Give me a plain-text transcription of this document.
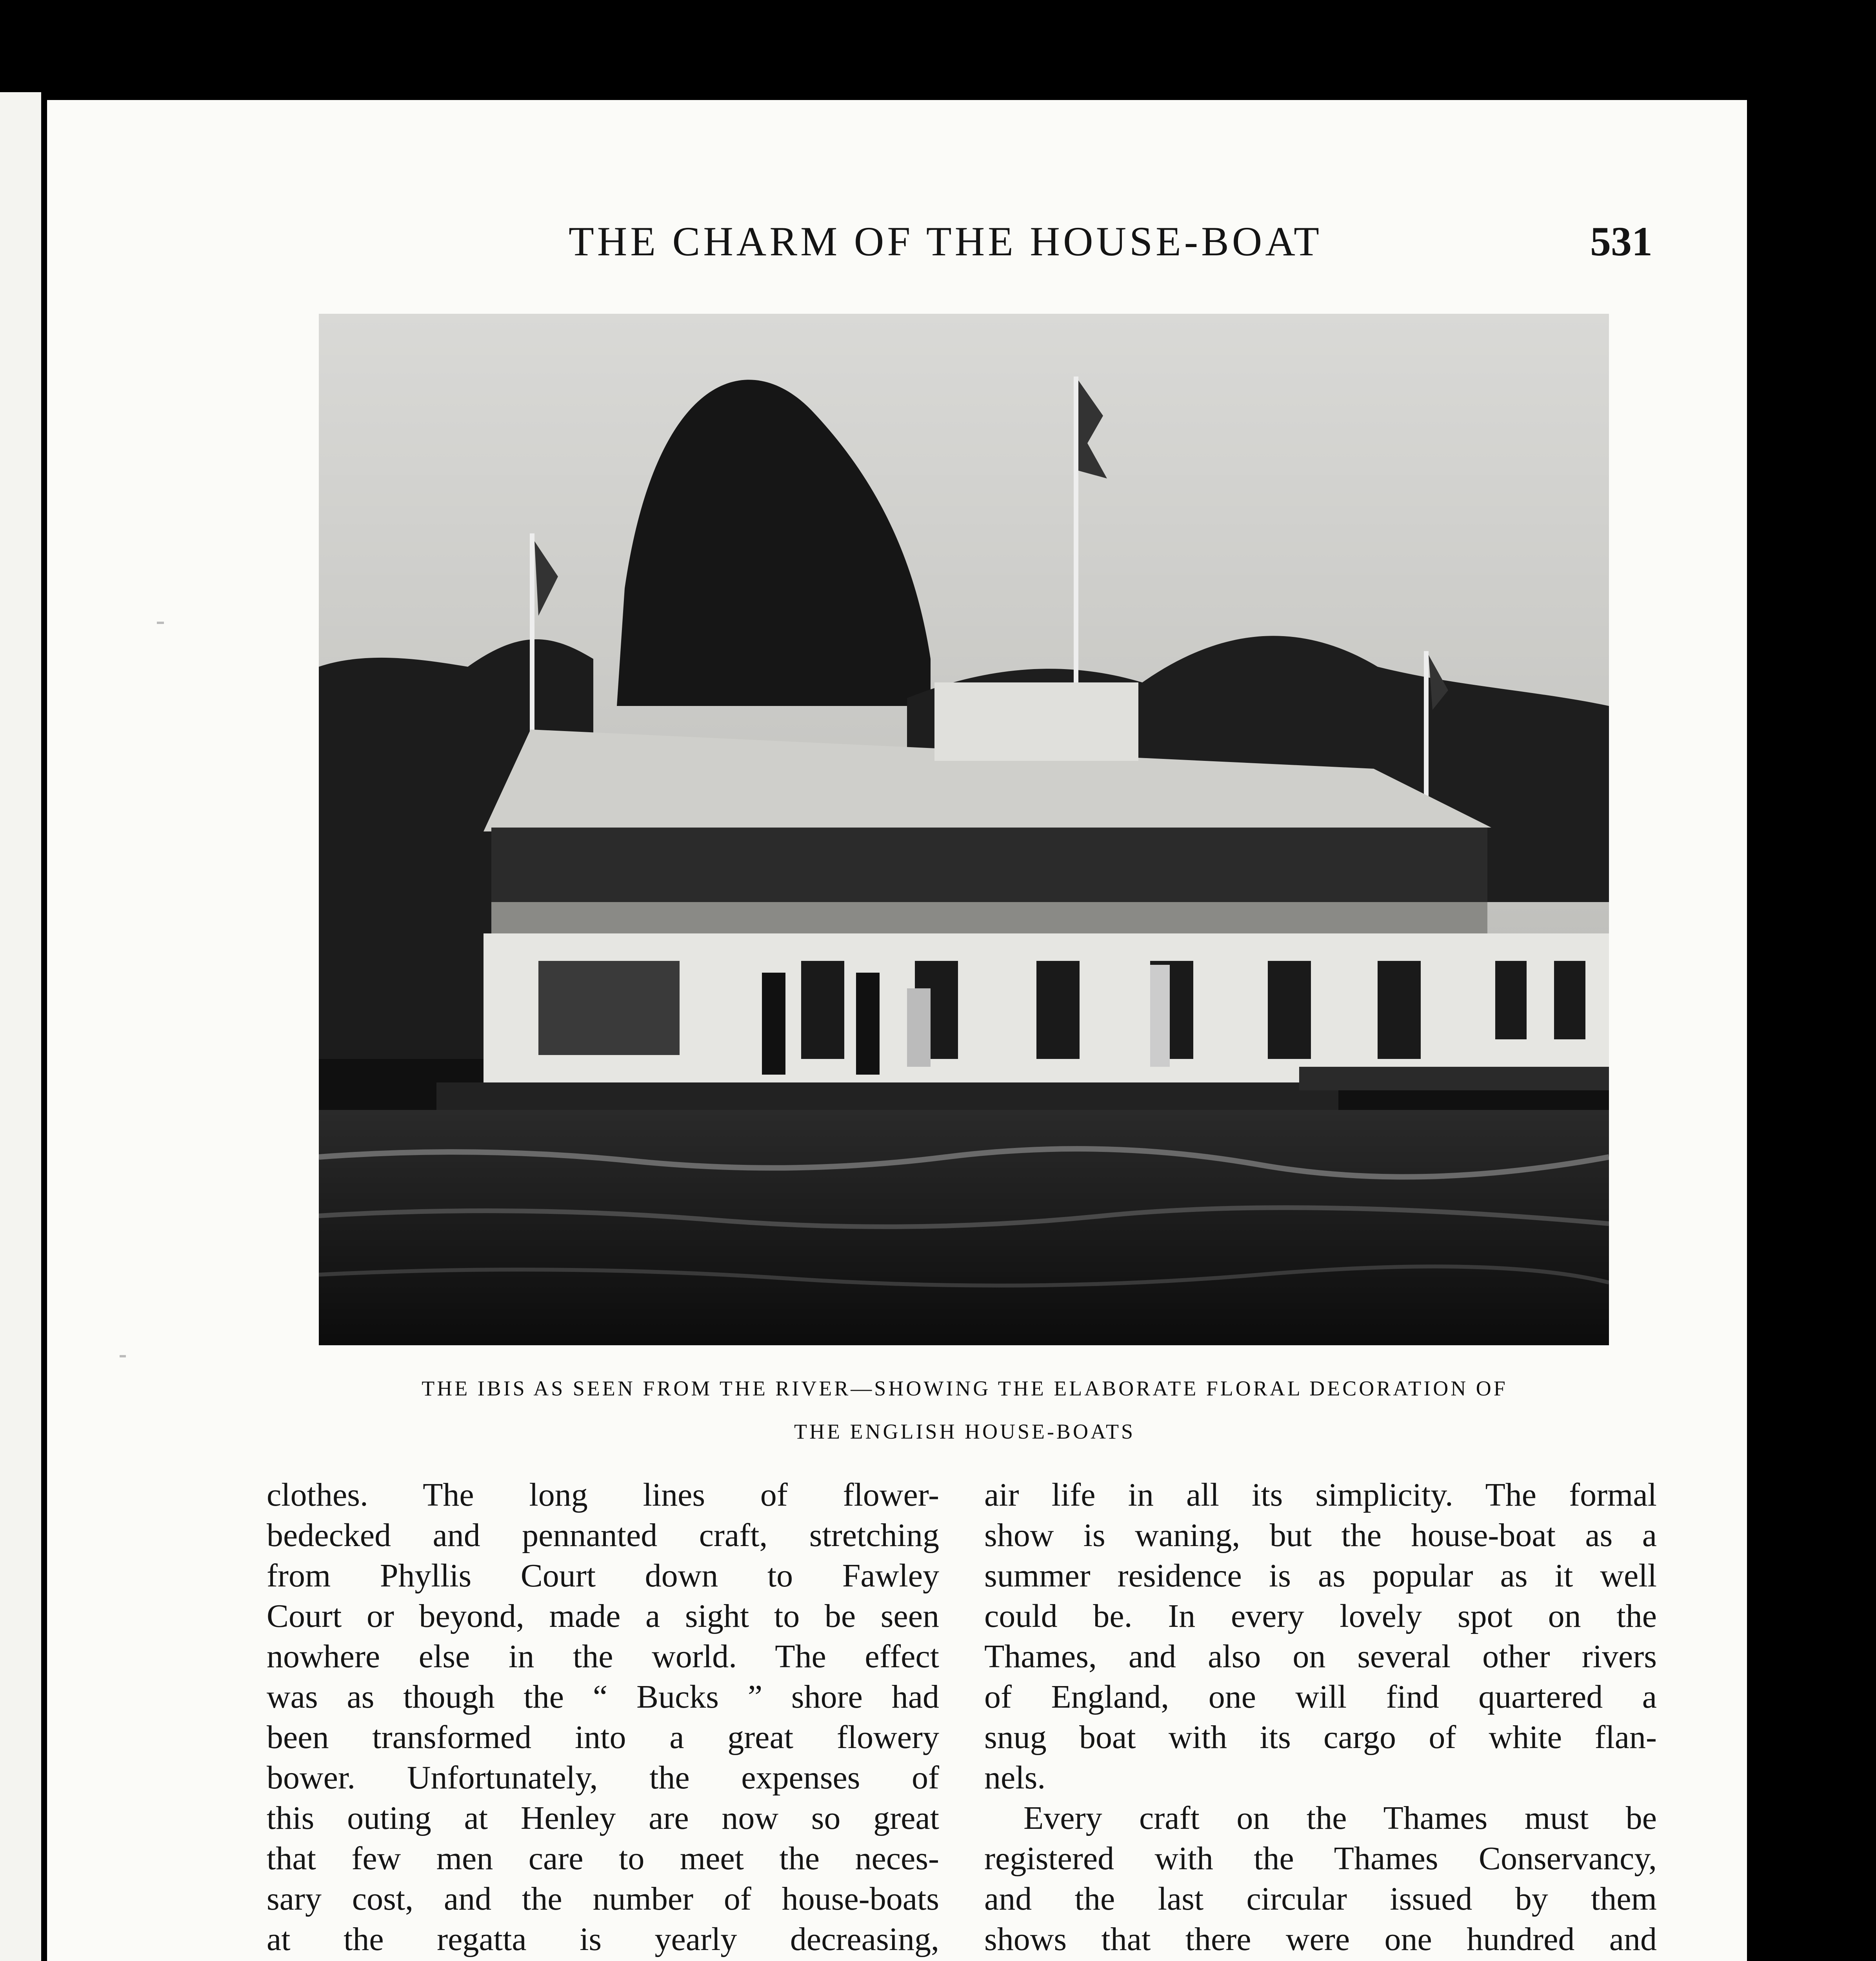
THE CHARM OF THE HOUSE-BOAT	531
THE IBIS AS SEEN FROM THE RIVER—SHOWING THE ELABORATE FLORAL DECORATION OF
THE ENGLISH HOUSE-BOATS

clothes. The long lines of flower-

bedecked and pennanted craft, stretching

from Phyllis Court down to Fawley

Court or beyond, made a sight to be seen

nowhere else in the world. The effect

was as though the “ Bucks ” shore had

been transformed into a great flowery

bower. Unfortunately, the expenses of

this outing at Henley are now so great

that few men care to meet the neces-

sary cost, and the number of house-boats

at the regatta is yearly decreasing,

air life in all its simplicity. The formal

show is waning, but the house-boat as a

summer residence is as popular as it well

could be. In every lovely spot on the

Thames, and also on several other rivers

of England, one will find quartered a

snug boat with its cargo of white flan-

nels.

Every craft on the Thames must be

registered with the Thames Conservancy,

and the last circular issued by them

shows that there were one hundred and
